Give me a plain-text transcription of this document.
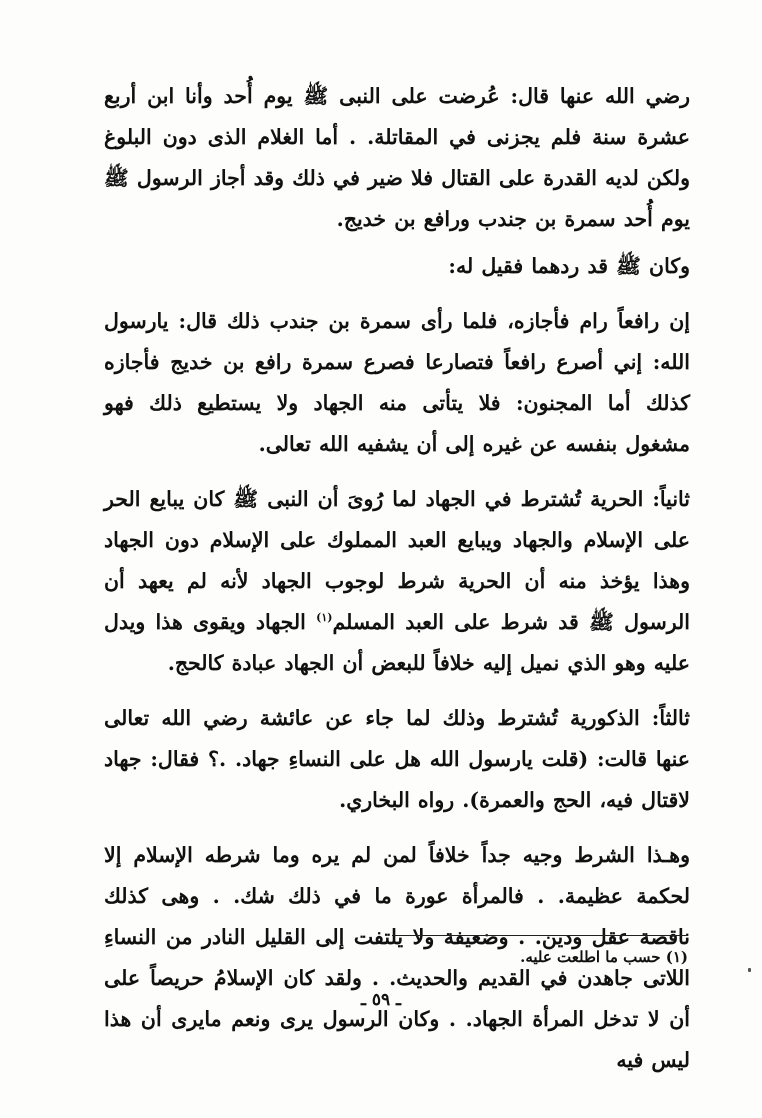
رضي الله عنها قال: عُرضت على النبى ﷺ يوم أُحد وأنا ابن أربع عشرة سنة فلم يجزنى في المقاتلة. . أما الغلام الذى دون البلوغ ولكن لديه القدرة على القتال فلا ضير في ذلك وقد أجاز الرسول ﷺ يوم أُحد سمرة بن جندب ورافع بن خديج.

وكان ﷺ قد ردهما فقيل له:

إن رافعاً رام فأجازه، فلما رأى سمرة بن جندب ذلك قال: يارسول الله: إني أصرع رافعاً فتصارعا فصرع سمرة رافع بن خديج فأجازه كذلك أما المجنون: فلا يتأتى منه الجهاد ولا يستطيع ذلك فهو مشغول بنفسه عن غيره إلى أن يشفيه الله تعالى.

ثانياً: الحرية تُشترط في الجهاد لما رُوىَ أن النبى ﷺ كان يبايع الحر على الإسلام والجهاد ويبايع العبد المملوك على الإسلام دون الجهاد وهذا يؤخذ منه أن الحرية شرط لوجوب الجهاد لأنه لم يعهد أن الرسول ﷺ قد شرط على العبد المسلم$^{(١)}$ الجهاد ويقوى هذا ويدل عليه وهو الذي نميل إليه خلافاً للبعض أن الجهاد عبادة كالحج.

ثالثاً: الذكورية تُشترط وذلك لما جاء عن عائشة رضي الله تعالى عنها قالت: (قلت يارسول الله هل على النساءِ جهاد. .؟ فقال: جهاد لاقتال فيه، الحج والعمرة). رواه البخاري.

وهـذا الشرط وجيه جداً خلافاً لمن لم يره وما شرطه الإسلام إلا لحكمة عظيمة. . فالمرأة عورة ما في ذلك شك. . وهى كذلك ناقصة عقل ودين. . وضعيفة ولا يلتفت إلى القليل النادر من النساءِ اللاتى جاهدن في القديم والحديث. . ولقد كان الإسلامُ حريصاً على أن لا تدخل المرأة الجهاد. . وكان الرسول يرى ونعم مايرى أن هذا ليس فيه

(١) حسب ما اطلعت عليه.
ـ ٥٩ ـ
